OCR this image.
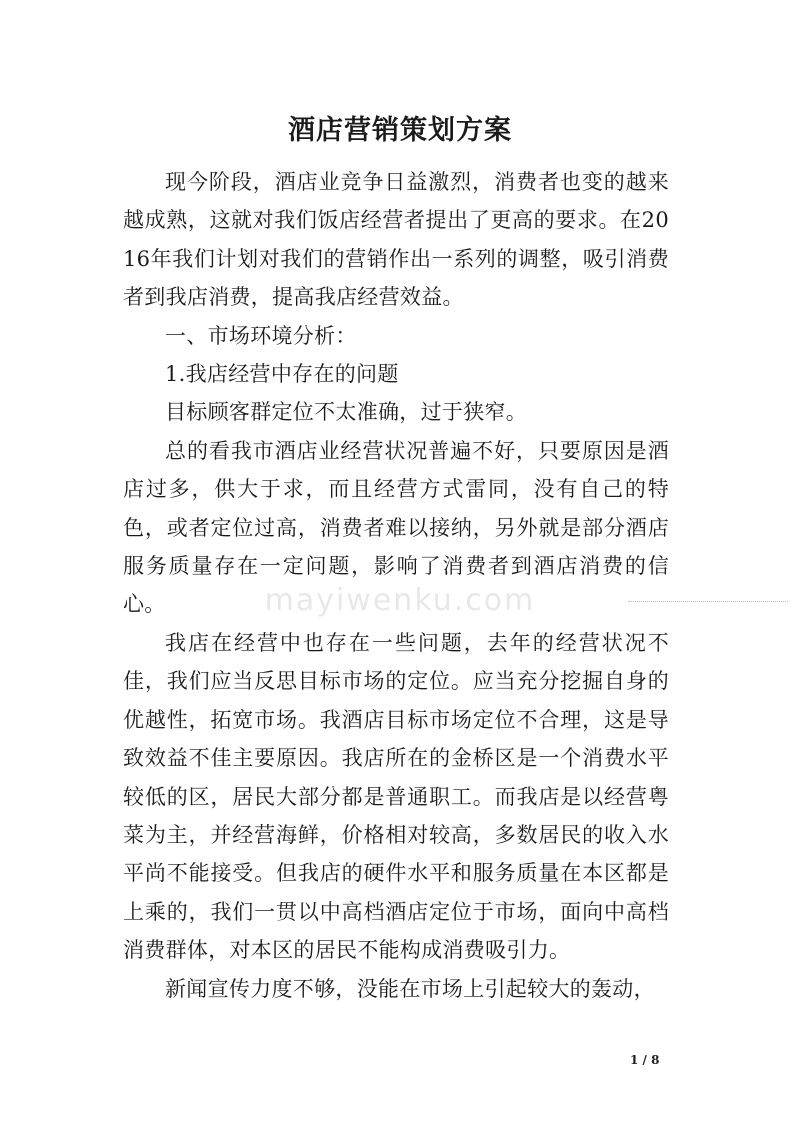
酒店营销策划方案

现今阶段，酒店业竞争日益激烈，消费者也变的越来越成熟，这就对我们饭店经营者提出了更高的要求。在2016年我们计划对我们的营销作出一系列的调整，吸引消费者到我店消费，提高我店经营效益。

一、市场环境分析：

1.我店经营中存在的问题

目标顾客群定位不太准确，过于狭窄。

总的看我市酒店业经营状况普遍不好，只要原因是酒店过多，供大于求，而且经营方式雷同，没有自己的特色，或者定位过高，消费者难以接纳，另外就是部分酒店服务质量存在一定问题，影响了消费者到酒店消费的信心。

我店在经营中也存在一些问题，去年的经营状况不佳，我们应当反思目标市场的定位。应当充分挖掘自身的优越性，拓宽市场。我酒店目标市场定位不合理，这是导致效益不佳主要原因。我店所在的金桥区是一个消费水平较低的区，居民大部分都是普通职工。而我店是以经营粤菜为主，并经营海鲜，价格相对较高，多数居民的收入水平尚不能接受。但我店的硬件水平和服务质量在本区都是上乘的，我们一贯以中高档酒店定位于市场，面向中高档消费群体，对本区的居民不能构成消费吸引力。

新闻宣传力度不够，没能在市场上引起较大的轰动，

mayiwenku.com
1 / 8
